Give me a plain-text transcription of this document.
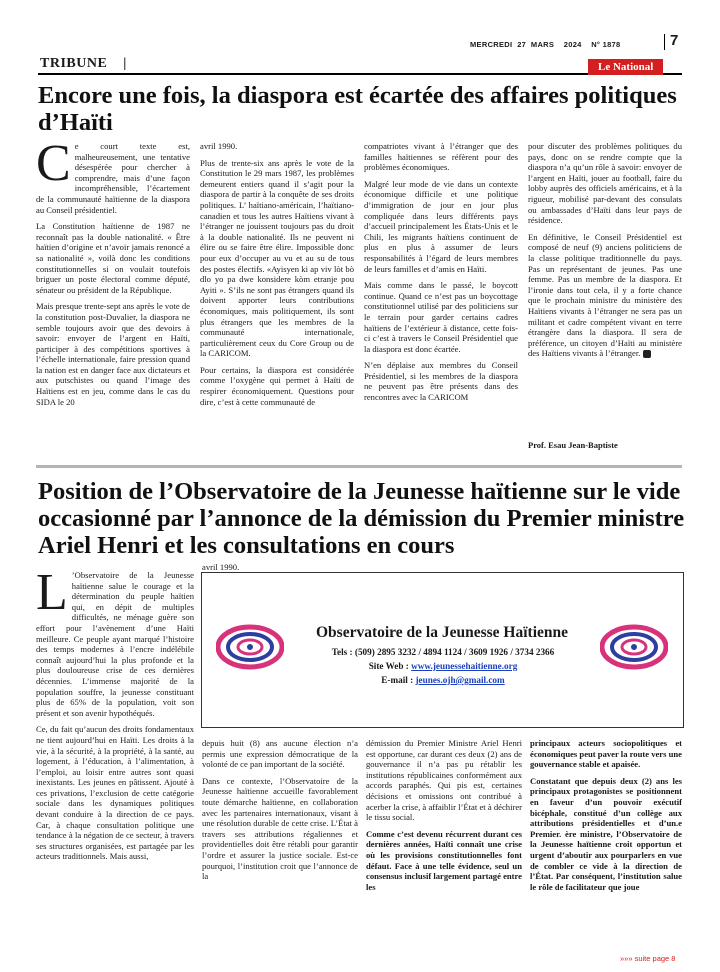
MERCREDI 27 MARS 2024 N° 1878	7
TRIBUNE    |	Le National
Encore une fois, la diaspora est écartée des affaires politiques d’Haïti

Ce court texte est, malheureusement, une tentative désespérée pour chercher à comprendre, mais d’une façon incompréhensible, l’écartement de la communauté haïtienne de la diaspora au Conseil présidentiel.

La Constitution haïtienne de 1987 ne reconnaît pas la double nationalité. « Être haïtien d’origine et n’avoir jamais renoncé a sa nationalité », voilà donc les conditions constitutionnelles si on voulait toutefois briguer un poste électoral comme député, sénateur ou président de la République.

Mais presque trente-sept ans après le vote de la constitution post-Duvalier, la diaspora ne semble toujours avoir que des devoirs à savoir: envoyer de l’argent en Haïti, participer à des compétitions sportives à l’échelle internationale, faire pression quand la nation est en danger face aux dictateurs et aux putschistes ou quand l’image des Haïtiens est en jeu, comme dans le cas du SIDA le 20

avril 1990.

Plus de trente-six ans après le vote de la Constitution le 29 mars 1987, les problèmes demeurent entiers quand il s’agit pour la diaspora de partir à la conquête de ses droits politiques. L’ haïtiano-américain, l’haïtiano-canadien et tous les autres Haïtiens vivant à l’étranger ne jouissent toujours pas du droit à la double nationalité. Ils ne peuvent ni élire ou se faire être élire. Impossible donc pour eux d’occuper au vu et au su de tous des postes électifs. «Ayisyen ki ap viv lòt bò dlo yo pa dwe konsidere kòm etranje pou Ayiti ». S’ils ne sont pas étrangers quand ils doivent apporter leurs contributions économiques, mais politiquement, ils sont plus étrangers que les membres de la communauté internationale, particulièrement ceux du Core Group ou de la CARICOM.

Pour certains, la diaspora est considérée comme l’oxygène qui permet à Haïti de respirer économiquement. Questions pour dire, c’est à cette communauté de

compatriotes vivant à l’étranger que des familles haïtiennes se réfèrent pour des problèmes économiques.

Malgré leur mode de vie dans un contexte économique difficile et une politique d’immigration de jour en jour plus compliquée dans leurs différents pays d’accueil principalement les États-Unis et le Chili, les migrants haïtiens continuent de plus en plus à assumer de leurs responsabilités à l’égard de leurs membres de leurs familles et d’amis en Haïti.

Mais comme dans le passé, le boycott continue. Quand ce n’est pas un boycottage constitutionnel utilisé par des politiciens sur le terrain pour garder certains cadres haïtiens de l’extérieur à distance, cette fois-ci c’est à travers le Conseil Présidentiel que la diaspora est donc écartée.

N’en déplaise aux membres du Conseil Présidentiel, si les membres de la diaspora ne peuvent pas être présents dans des rencontres avec la CARICOM

pour discuter des problèmes politiques du pays, donc on se rendre compte que la diaspora n’a qu’un rôle à savoir: envoyer de l’argent en Haïti, jouer au football, faire du lobby auprès des officiels américains, et à la rigueur, mobilisé par-devant des consulats ou ambassades d’Haïti dans leur pays de résidence.

En définitive, le Conseil Présidentiel est composé de neuf (9) anciens politiciens de la classe politique traditionnelle du pays. Pas un représentant de jeunes. Pas une femme. Pas un membre de la diaspora. Et l’ironie dans tout cela, il y a forte chance que le prochain ministre du ministère des Haïtiens vivants à l’étranger ne sera pas un militant et cadre compétent vivant en terre étrangère dans la diaspora. Il sera de préférence, un citoyen d’Haïti au ministère des Haïtiens vivants à l’étranger.

Prof. Esau Jean-Baptiste
Position de l’Observatoire de la Jeunesse haïtienne sur le vide occasionné par l’annonce de la démission du Premier ministre Ariel Henri et les consultations en cours

L ’Observatoire de la Jeunesse haïtienne salue le courage et la détermination du peuple haïtien qui, en dépit de multiples difficultés, ne ménage guère son effort pour l’avènement d’une Haïti meilleure. Ce peuple ayant marqué l’histoire des temps modernes à l’encre indélébile connaît aujourd’hui la plus profonde et la plus douloureuse crise de ces dernières décennies. L’immense majorité de la population souffre, la jeunesse constituant plus de 65% de la population, voit son présent et son avenir hypothéqués.

Ce, du fait qu’aucun des droits fondamentaux ne tient aujourd’hui en Haïti. Les droits à la vie, à la sécurité, à la propriété, à la santé, au logement, à l’éducation, à l’alimentation, à l’emploi, au loisir entre autres sont quasi inexistants. Les jeunes en pâtissent. Ajouté à ces privations, l’exclusion de cette catégorie sociale dans les dynamiques politiques devant conduire à la direction de ce pays. Car, à chaque consultation politique une tendance à la négation de ce secteur, à travers ses structures organisées, est partagée par les acteurs traditionnels. Mais aussi,

avril 1990.
Observatoire de la Jeunesse Haïtienne
Tels : (509) 2895 3232 / 4894 1124 / 3609 1926 / 3734 2366
Site Web : www.jeunessehaitienne.org
E-mail : jeunes.ojh@gmail.com

depuis huit (8) ans aucune élection n’a permis une expression démocratique de la volonté de ce pan important de la société.

Dans ce contexte, l’Observatoire de la Jeunesse haïtienne accueille favorablement toute démarche haïtienne, en collaboration avec les partenaires internationaux, visant à une résolution durable de cette crise. L’État à travers ses attributions régaliennes et providentielles doit être rétabli pour garantir l’ordre et assurer la justice sociale. Est-ce pourquoi, l’institution croit que l’annonce de la

démission du Premier Ministre Ariel Henri est opportune, car durant ces deux (2) ans de gouvernance il n’a pas pu rétablir les institutions républicaines conformément aux accords paraphés. Qui pis est, certaines décisions et omissions ont contribué à acerber la crise, à affaiblir l’État et à déchirer le tissu social.

Comme c’est devenu récurrent durant ces dernières années, Haïti connaît une crise où les provisions constitutionnelles font défaut. Face à une telle évidence, seul un consensus inclusif largement partagé entre les

principaux acteurs sociopolitiques et économiques peut paver la route vers une gouvernance stable et apaisée.

Constatant que depuis deux (2) ans les principaux protagonistes se positionnent en faveur d’un pouvoir exécutif bicéphale, constitué d’un collège aux attributions présidentielles et d’un.e Premier. ère ministre, l’Observatoire de la Jeunesse haïtienne croit opportun et urgent d’aboutir aux pourparlers en vue de combler ce vide à la direction de l’État. Par conséquent, l’institution salue le rôle de facilitateur que joue

»»» suite page 8
